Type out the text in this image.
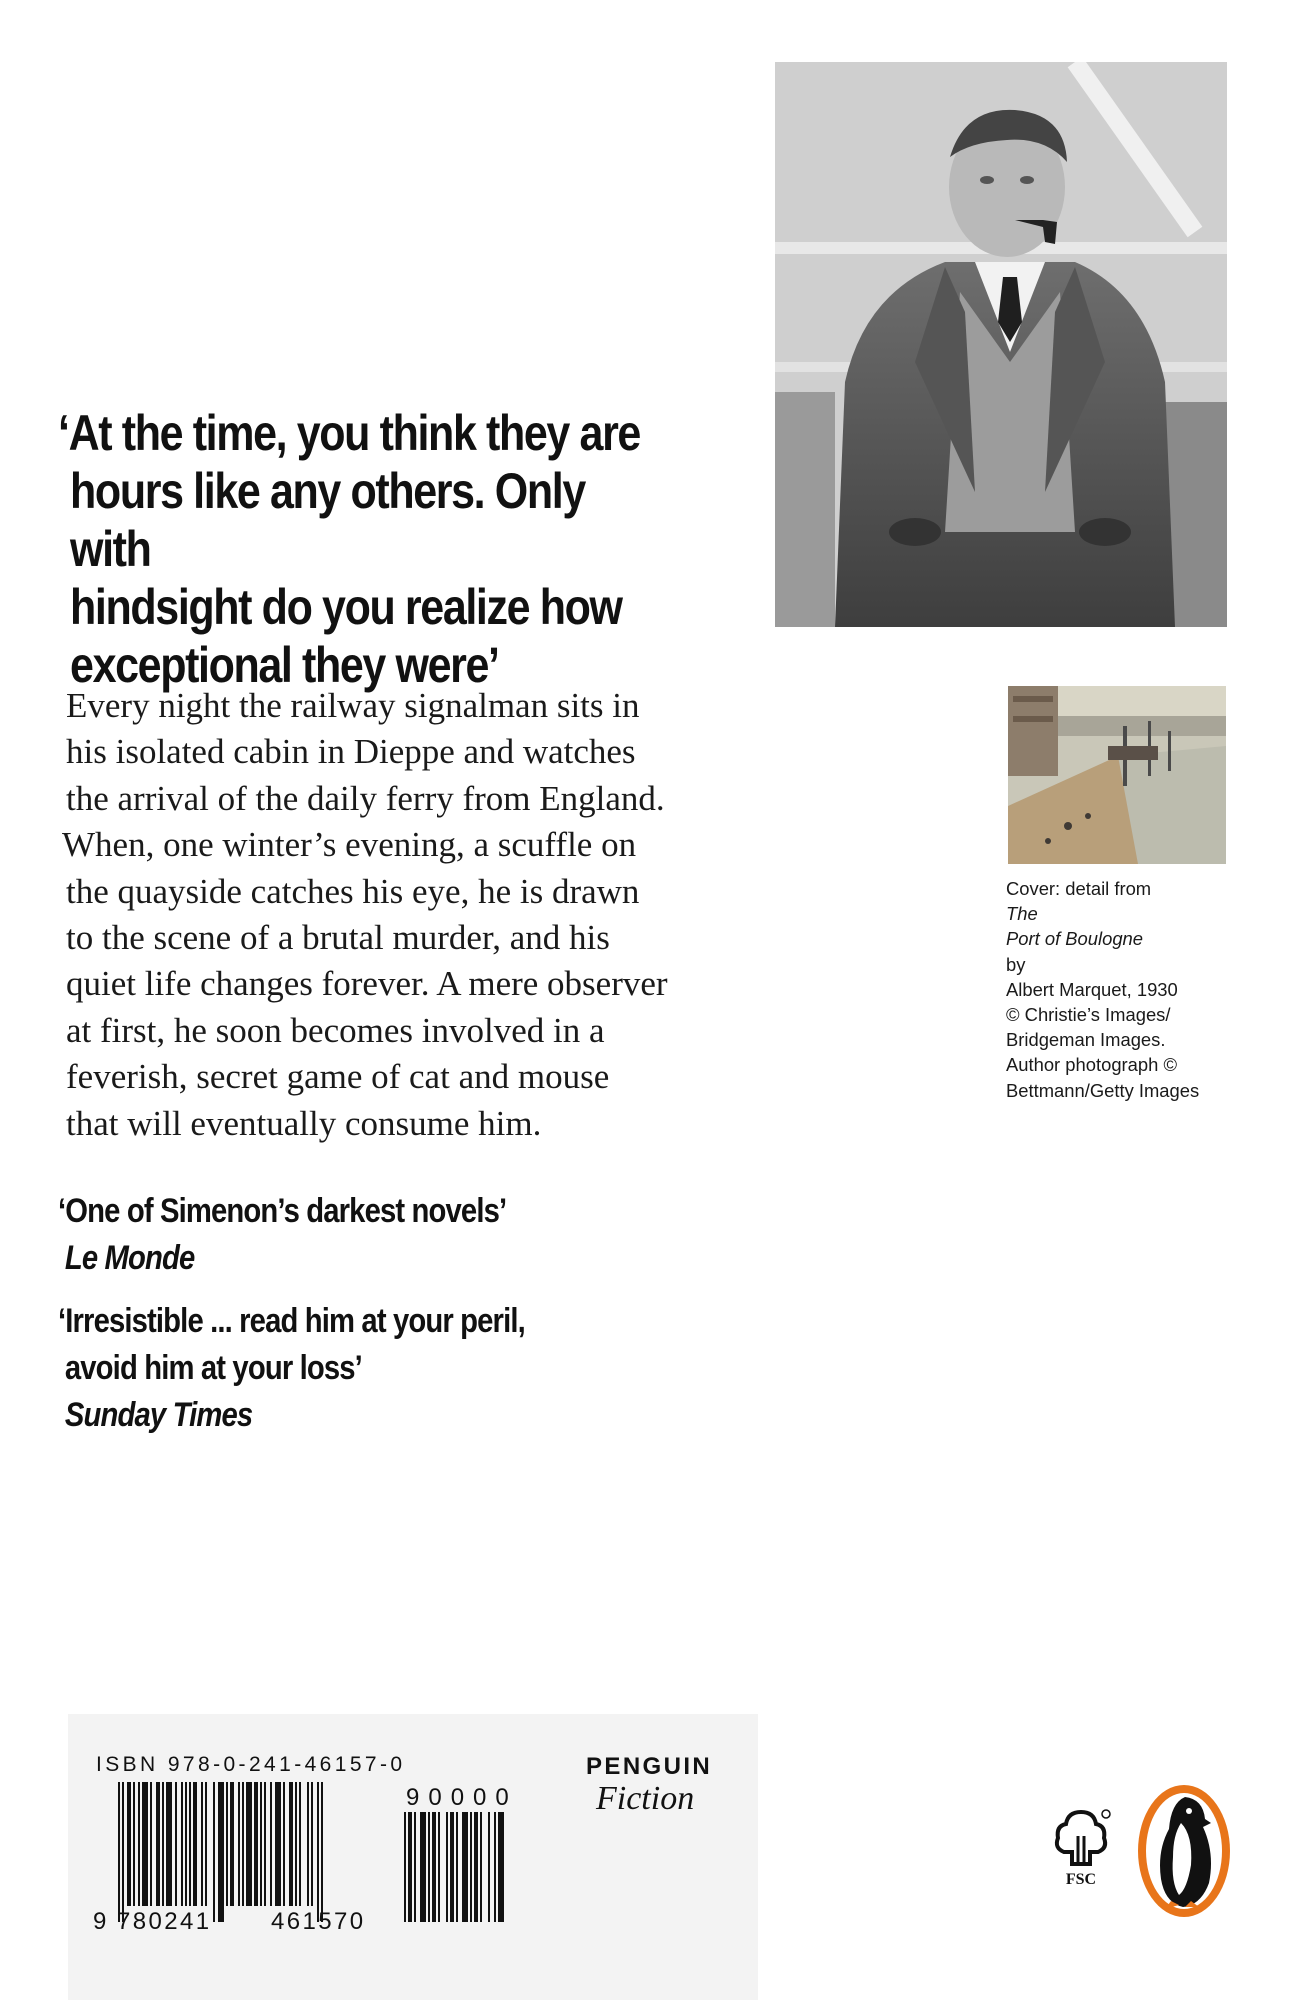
‘At the time, you think they are
hours like any others. Only with
hindsight do you realize how
exceptional they were’

Every night the railway signalman sits in
his isolated cabin in Dieppe and watches
the arrival of the daily ferry from England.
When, one winter’s evening, a scuffle on
the quayside catches his eye, he is drawn
to the scene of a brutal murder, and his
quiet life changes forever. A mere observer
at first, he soon becomes involved in a
feverish, secret game of cat and mouse
that will eventually consume him.

‘One of Simenon’s darkest novels’
Le Monde
‘Irresistible ... read him at your peril,
avoid him at your loss’
Sunday Times
Cover: detail from
The
Port of Boulogne
by
Albert Marquet, 1930
© Christie’s Images/
Bridgeman Images.
Author photograph ©
Bettmann/Getty Images
ISBN 978-0-241-46157-0
90000
9 780241 461570
PENGUIN
Fiction
FSC
